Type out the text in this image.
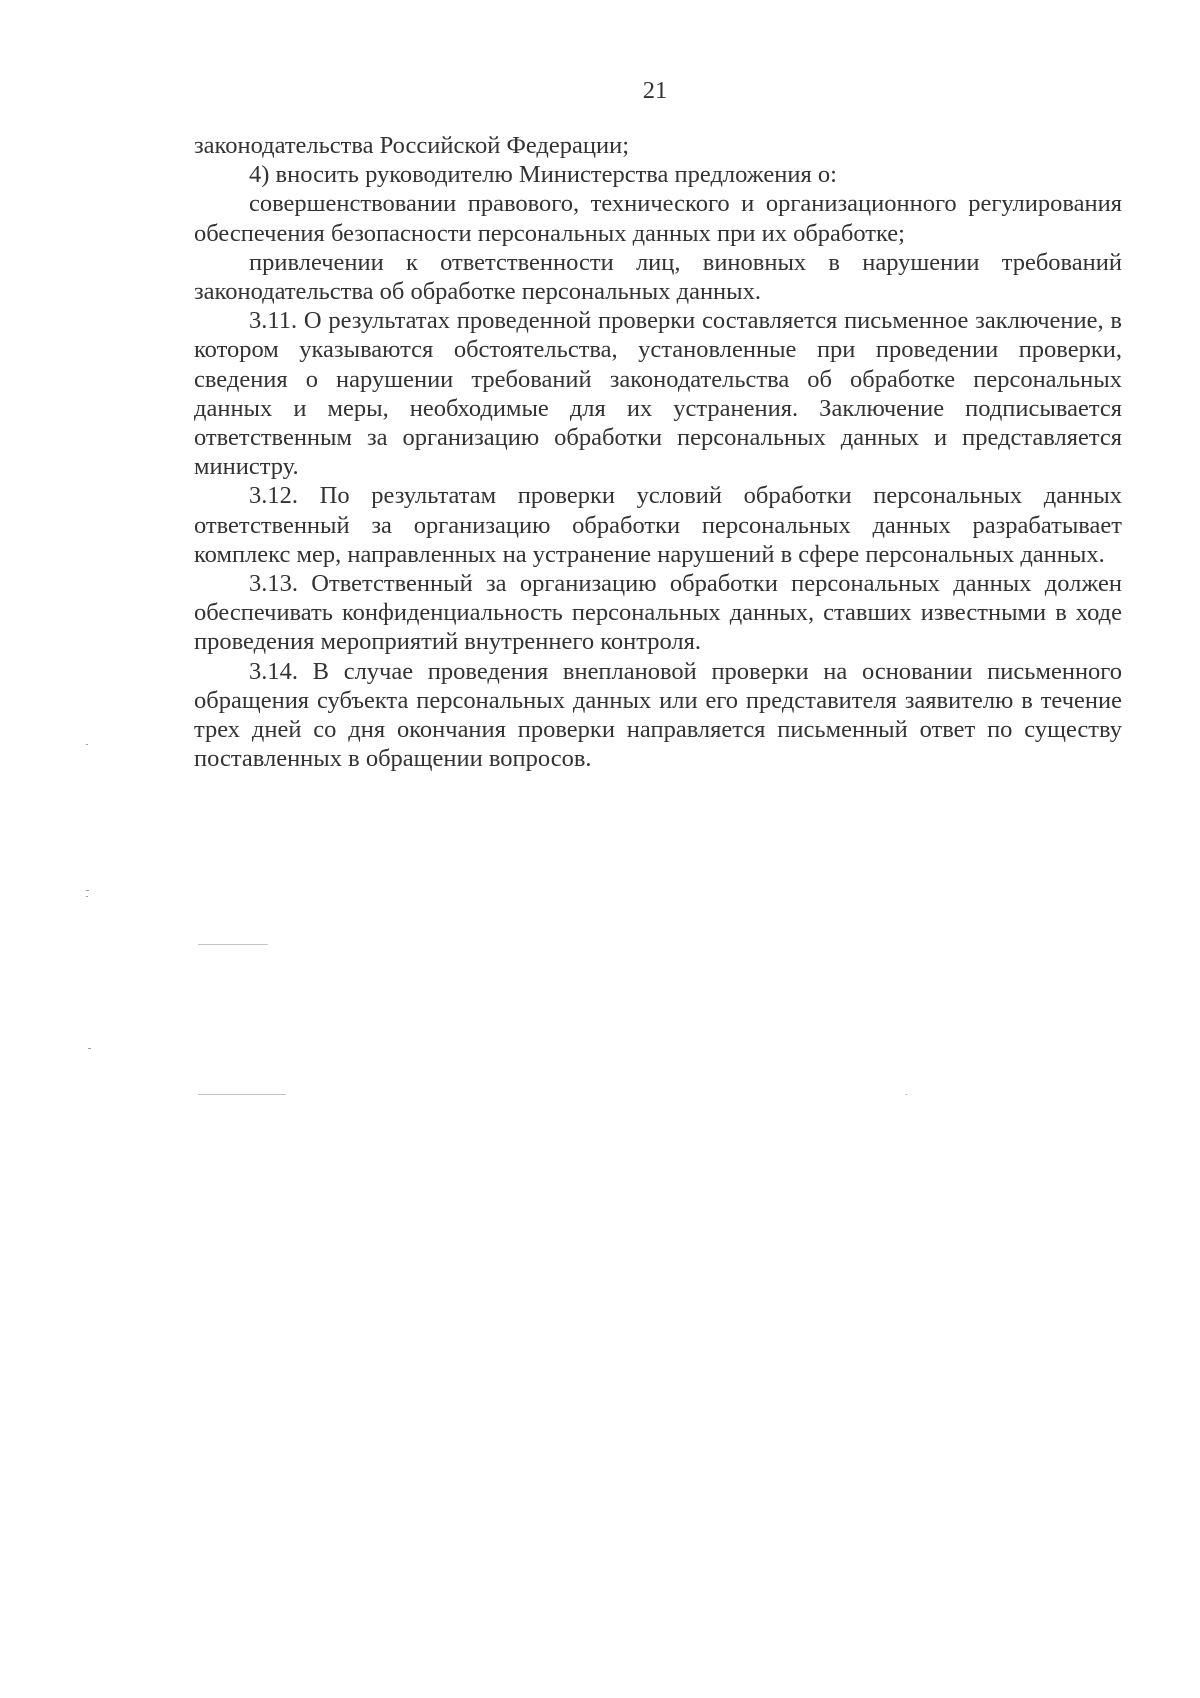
21

законодательства Российской Федерации;

4) вносить руководителю Министерства предложения о:

совершенствовании правового, технического и организационного регулирования обеспечения безопасности персональных данных при их обработке;

привлечении к ответственности лиц, виновных в нарушении требований законодательства об обработке персональных данных.

3.11. О результатах проведенной проверки составляется письменное заключение, в котором указываются обстоятельства, установленные при проведении проверки, сведения о нарушении требований законодательства об обработке персональных данных и меры, необходимые для их устранения. Заключение подписывается ответственным за организацию обработки персональных данных и представляется министру.

3.12. По результатам проверки условий обработки персональных данных ответственный за организацию обработки персональных данных разрабатывает комплекс мер, направленных на устранение нарушений в сфере персональных данных.

3.13. Ответственный за организацию обработки персональных данных должен обеспечивать конфиденциальность персональных данных, ставших известными в ходе проведения мероприятий внутреннего контроля.

3.14. В случае проведения внеплановой проверки на основании письменного обращения субъекта персональных данных или его представителя заявителю в течение трех дней со дня окончания проверки направляется письменный ответ по существу поставленных в обращении вопросов.
